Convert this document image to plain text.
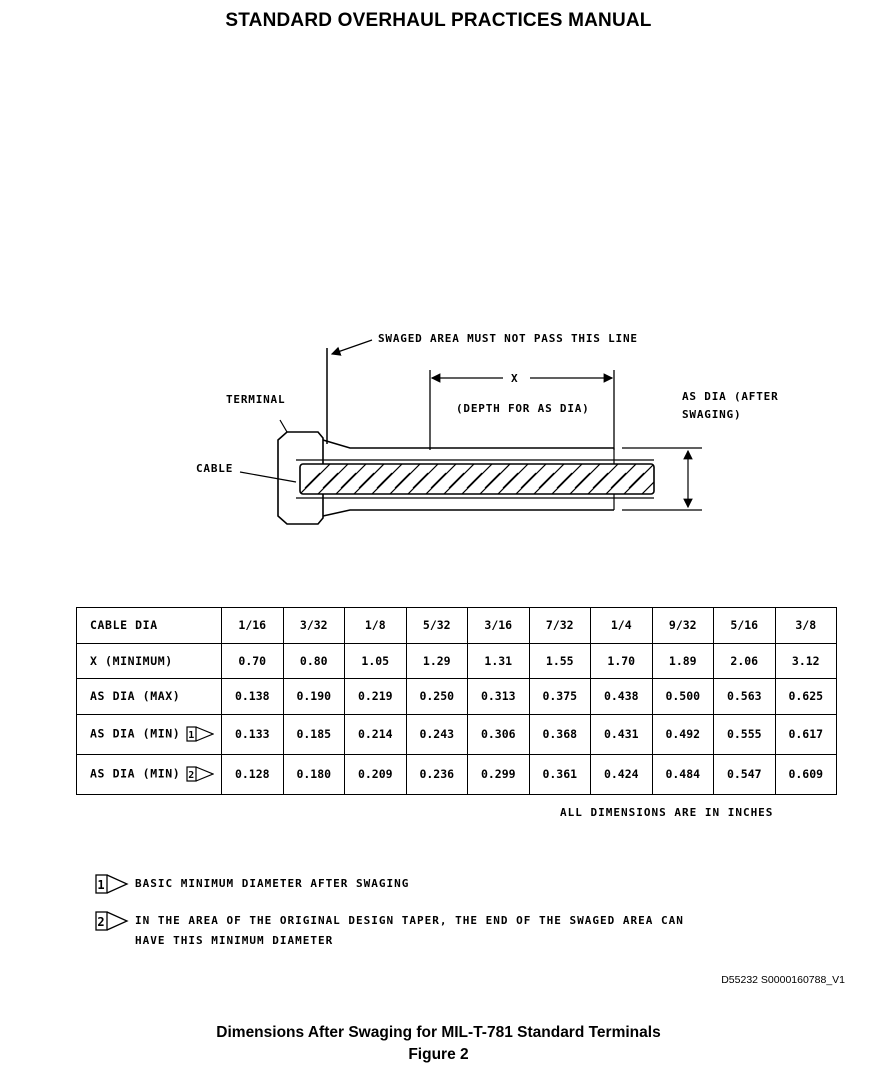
STANDARD OVERHAUL PRACTICES MANUAL
SWAGED AREA MUST NOT PASS THIS LINE
X
(DEPTH FOR AS DIA)
TERMINAL
CABLE
AS DIA (AFTER
SWAGING)
CABLE DIA	1/16	3/32	1/8	5/32	3/16	7/32	1/4	9/32	5/16	3/8
X (MINIMUM)	0.70	0.80	1.05	1.29	1.31	1.55	1.70	1.89	2.06	3.12
AS DIA (MAX)	0.138	0.190	0.219	0.250	0.313	0.375	0.438	0.500	0.563	0.625
AS DIA (MIN) 1	0.133	0.185	0.214	0.243	0.306	0.368	0.431	0.492	0.555	0.617
AS DIA (MIN) 2	0.128	0.180	0.209	0.236	0.299	0.361	0.424	0.484	0.547	0.609
ALL DIMENSIONS ARE IN INCHES
1	BASIC MINIMUM DIAMETER AFTER SWAGING
2	IN THE AREA OF THE ORIGINAL DESIGN TAPER, THE END OF THE SWAGED AREA CAN
HAVE THIS MINIMUM DIAMETER
D55232 S0000160788_V1
Dimensions After Swaging for MIL-T-781 Standard Terminals
Figure 2
